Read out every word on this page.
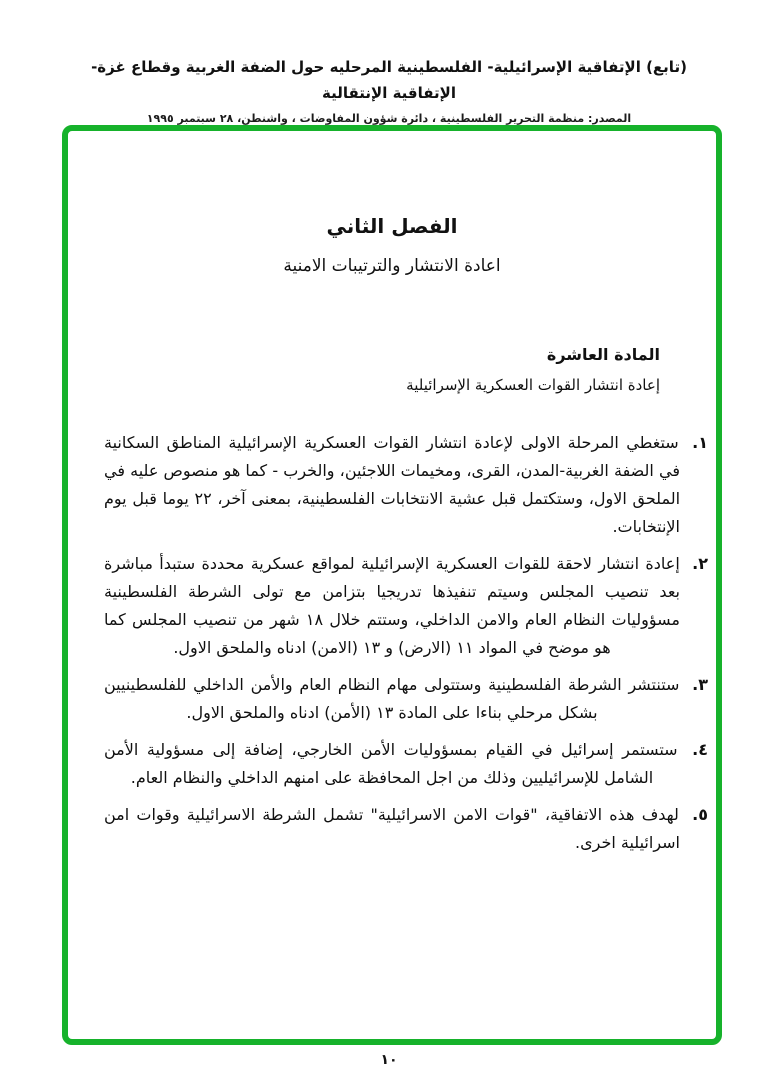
(تابع) الإتفاقية الإسرائيلية- الفلسطينية المرحليه حول الضفة الغربية وقطاع غزة- الإتفاقية الإنتقالية
المصدر: منظمة التحرير الفلسطينية ، دائرة شؤون المفاوضات ، واشنطن، ٢٨ سبتمبر ١٩٩٥
الفصل الثاني
اعادة الانتشار والترتيبات الامنية
المادة العاشرة
إعادة انتشار القوات العسكرية الإسرائيلية
١. ستغطي المرحلة الاولى لإعادة انتشار القوات العسكرية الإسرائيلية المناطق السكانية في الضفة الغربية-المدن، القرى، ومخيمات اللاجئين، والخرب - كما هو منصوص عليه في الملحق الاول، وستكتمل قبل عشية الانتخابات الفلسطينية، بمعنى آخر، ٢٢ يوما قبل يوم الإنتخابات.
٢. إعادة انتشار لاحقة للقوات العسكرية الإسرائيلية لمواقع عسكرية محددة ستبدأ مباشرة بعد تنصيب المجلس وسيتم تنفيذها تدريجيا بتزامن مع تولى الشرطة الفلسطينية مسؤوليات النظام العام والامن الداخلي، وستتم خلال ١٨ شهر من تنصيب المجلس كما هو موضح في المواد ١١ (الارض) و ١٣ (الامن) ادناه والملحق الاول.
٣. ستنتشر الشرطة الفلسطينية وستتولى مهام النظام العام والأمن الداخلي للفلسطينيين بشكل مرحلي بناءا على المادة ١٣ (الأمن) ادناه والملحق الاول.
٤. ستستمر إسرائيل في القيام بمسؤوليات الأمن الخارجي، إضافة إلى مسؤولية الأمن الشامل للإسرائيليين وذلك من اجل المحافظة على امنهم الداخلي والنظام العام.
٥. لهدف هذه الاتفاقية، "قوات الامن الاسرائيلية" تشمل الشرطة الاسرائيلية وقوات امن اسرائيلية اخرى.
١٠
